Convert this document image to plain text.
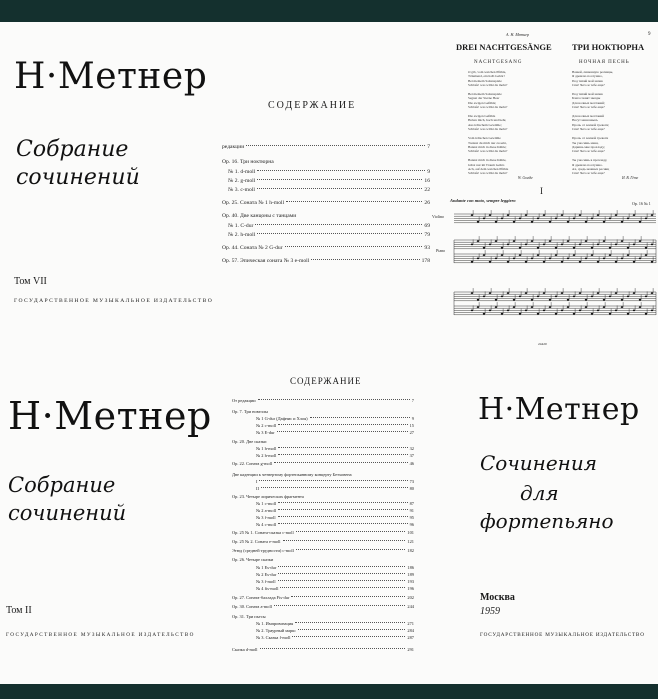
Н·Метнер
Собрание
сочинений
Том VII
ГОСУДАРСТВЕННОЕ МУЗЫКАЛЬНОЕ ИЗДАТЕЛЬСТВО
СОДЕРЖАНИЕ
редакции	7
Ор. 16. Три ноктюрна
№ 1. d-moll	9
№ 2. g-moll	16
№ 3. c-moll	22
Ор. 25. Соната № 1 h-moll	26
Ор. 40. Две канцоны с танцами
№ 1. C-dur	69
№ 2. h-moll	79
Ор. 44. Соната № 2 G-dur	93
Ор. 57. Эпическая соната № 3 e-moll	178
А. Н. Метнер	9
DREI NACHTGESÄNGE ТРИ НОКТЮРНА
NACHTGESANG	НОЧНАЯ ПЕСНЬ
O gib, vom weichen Pfühle,
Träumend, ein halb Gehör!
Bei meinem Saitenspiele
Schlafe! was willst du mehr?

Bei meinem Saitenspiele
Segnet der Sterne Heer
Die ewigen Gefühle;
Schlafe! was willst du mehr?

Die ewigen Gefühle
Heben mich, hoch und hehr,
Aus irdischem Gewühle;
Schlafe! was willst du mehr?

Vom irdischen Gewühle
Trennst du mich nur zu sehr,
Bannst mich in diese Kühle;
Schlafe! was willst du mehr?

Bannst mich in diese Kühle,
Gibst nur im Traum Gehör.
Ach, auf dem weichen Pfühle
Schlafe! was willst du mehr?
Вашей, лишенную ресницы,
Я дремлю послушно,
Под тихий мой напев
Спи! Чего ж тебе еще?

Под тихий мой напев
Благословят звезды
Для ночных мечтаний;
Спи! Чего ж тебе еще?

Для ночных мечтаний
Несут меня ввысь
Прочь от земной тревоги;
Спи! Чего ж тебе еще?

Прочь от земной тревоги
Ты уносишь меня,
Даришь мне прохладу;
Спи! Чего ж тебе еще?

Ты уносишь в прохладу,
Я дремлю послушно.
Ах, средь нежных ресниц
Спи! Чего ж тебе еще?
W. Goethe	И. В. Гёте
I
Andante con moto, sempre leggiero
Op. 16 № 1
Violino
Piano
24420
Н·Метнер
Собрание
сочинений
Том II
ГОСУДАРСТВЕННОЕ МУЗЫКАЛЬНОЕ ИЗДАТЕЛЬСТВО
СОДЕРЖАНИЕ
От редакции	7
Ор. 7. Три новеллы
№ 1 G-dur (Дафнис и Хлоя)	9
№ 2 c-moll	15
№ 3 E-dur	27
Ор. 20. Две сказки
№ 1 h-moll	32
№ 2 h-moll	37
Ор. 22. Соната g-moll	46
Две каденции к четвертому фортепьянному концерту Бетховена
I	73
II	80
Ор. 23. Четыре лирических фрагмента
№ 1 c-moll	87
№ 2 a-moll	91
№ 3 f-moll	95
№ 4 c-moll	96
Ор. 25 № 1. Соната-сказка c-moll	101
Ор. 25 № 2. Соната e-moll	121
Этюд (средней трудности) c-moll	182
Ор. 26. Четыре сказки
№ 1 Es-dur	186
№ 2 Es-dur	189
№ 3 f-moll	193
№ 4 fis-moll	196
Ор. 27. Соната-баллада Fis-dur	202
Ор. 30. Соната a-moll	244
Ор. 31. Три пьесы
№ 1. Импровизация	271
№ 2. Траурный марш	284
№ 3. Сказка f-moll	287
Сказка d-moll	291
Н·Метнер
Сочинения
для
фортепьяно
Москва
1959
ГОСУДАРСТВЕННОЕ МУЗЫКАЛЬНОЕ ИЗДАТЕЛЬСТВО
